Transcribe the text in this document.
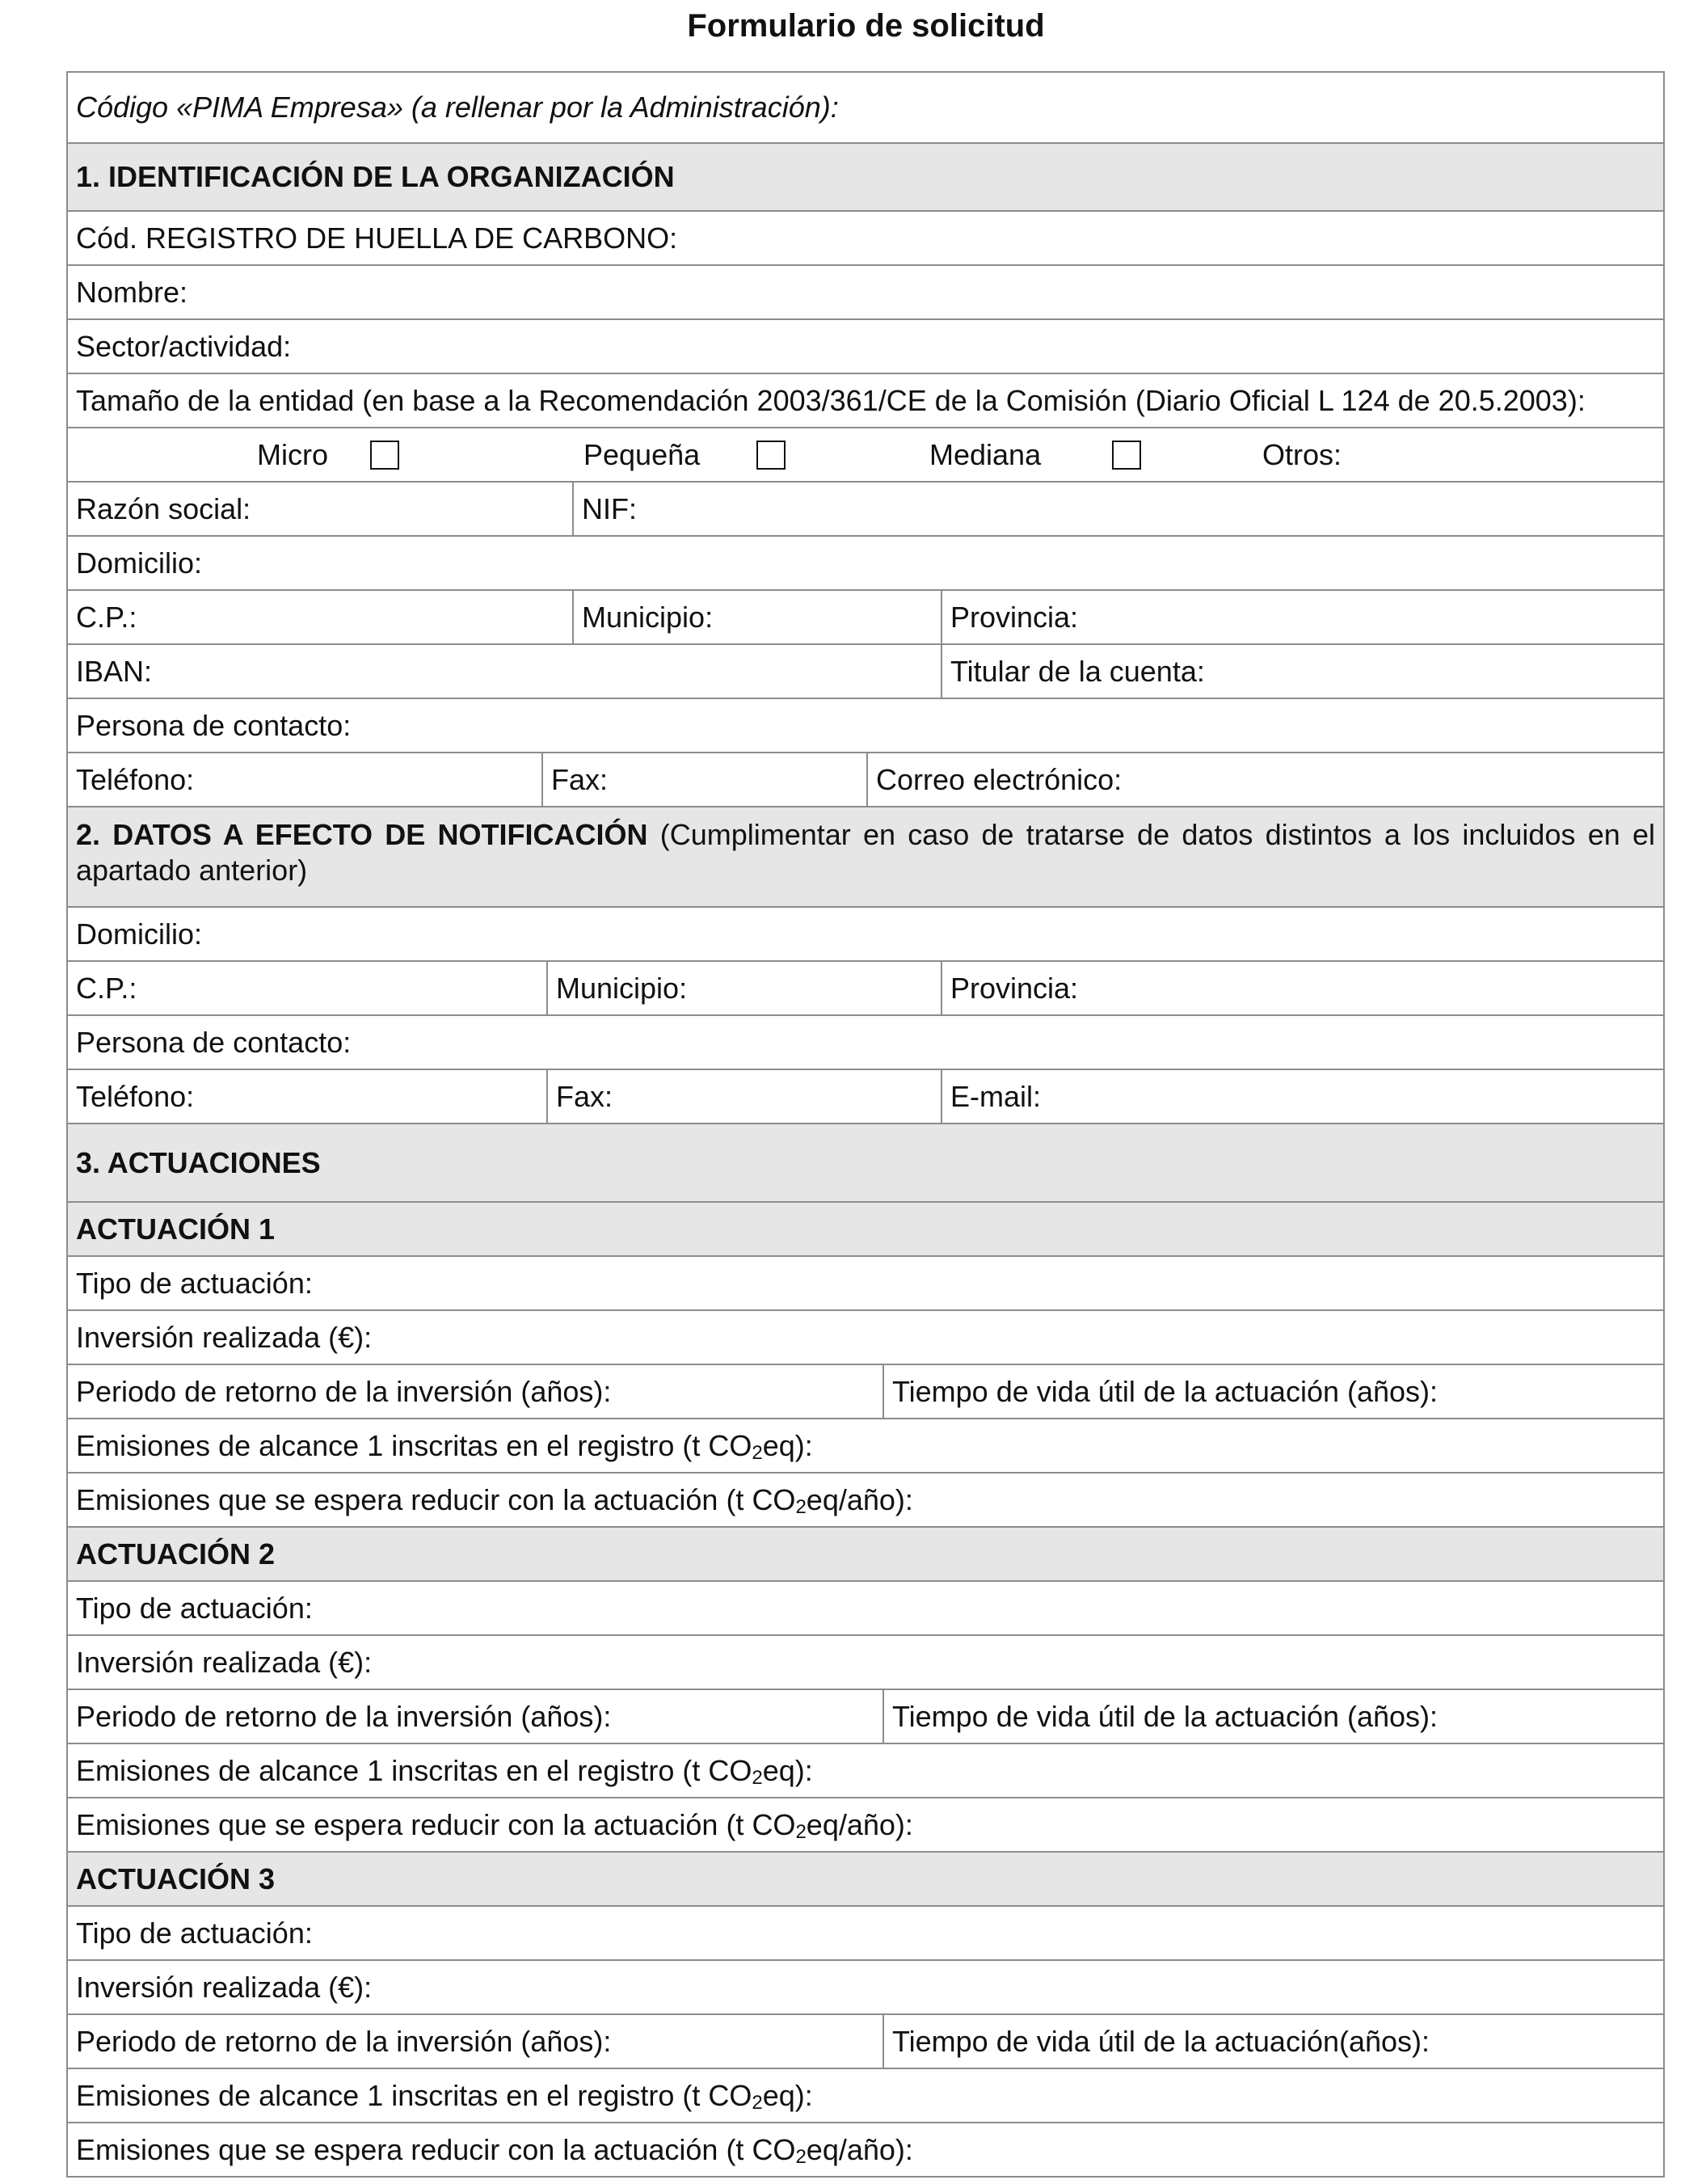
Formulario de solicitud
Código «PIMA Empresa» (a rellenar por la Administración):
1. IDENTIFICACIÓN DE LA ORGANIZACIÓN
Cód. REGISTRO DE HUELLA DE CARBONO:
Nombre:
Sector/actividad:
Tamaño de la entidad (en base a la Recomendación 2003/361/CE de la Comisión (Diario Oficial L 124 de 20.5.2003):
Micro	Pequeña	Mediana	Otros:
Razón social:	NIF:
Domicilio:
C.P.:	Municipio:	Provincia:
IBAN:	Titular de la cuenta:
Persona de contacto:
Teléfono:	Fax:	Correo electrónico:
2. DATOS A EFECTO DE NOTIFICACIÓN (Cumplimentar en caso de tratarse de datos distintos a los incluidos en el apartado anterior)
Domicilio:
C.P.:	Municipio:	Provincia:
Persona de contacto:
Teléfono:	Fax:	E-mail:
3. ACTUACIONES
ACTUACIÓN 1
Tipo de actuación:
Inversión realizada (€):
Periodo de retorno de la inversión (años):	Tiempo de vida útil de la actuación (años):
Emisiones de alcance 1 inscritas en el registro (t $CO_2eq$):
Emisiones que se espera reducir con la actuación (t $CO_2eq/año$):
ACTUACIÓN 2
Tipo de actuación:
Inversión realizada (€):
Periodo de retorno de la inversión (años):	Tiempo de vida útil de la actuación (años):
Emisiones de alcance 1 inscritas en el registro (t $CO_2eq$):
Emisiones que se espera reducir con la actuación (t $CO_2eq/año$):
ACTUACIÓN 3
Tipo de actuación:
Inversión realizada (€):
Periodo de retorno de la inversión (años):	Tiempo de vida útil de la actuación(años):
Emisiones de alcance 1 inscritas en el registro (t $CO_2eq$):
Emisiones que se espera reducir con la actuación (t $CO_2eq/año$):
